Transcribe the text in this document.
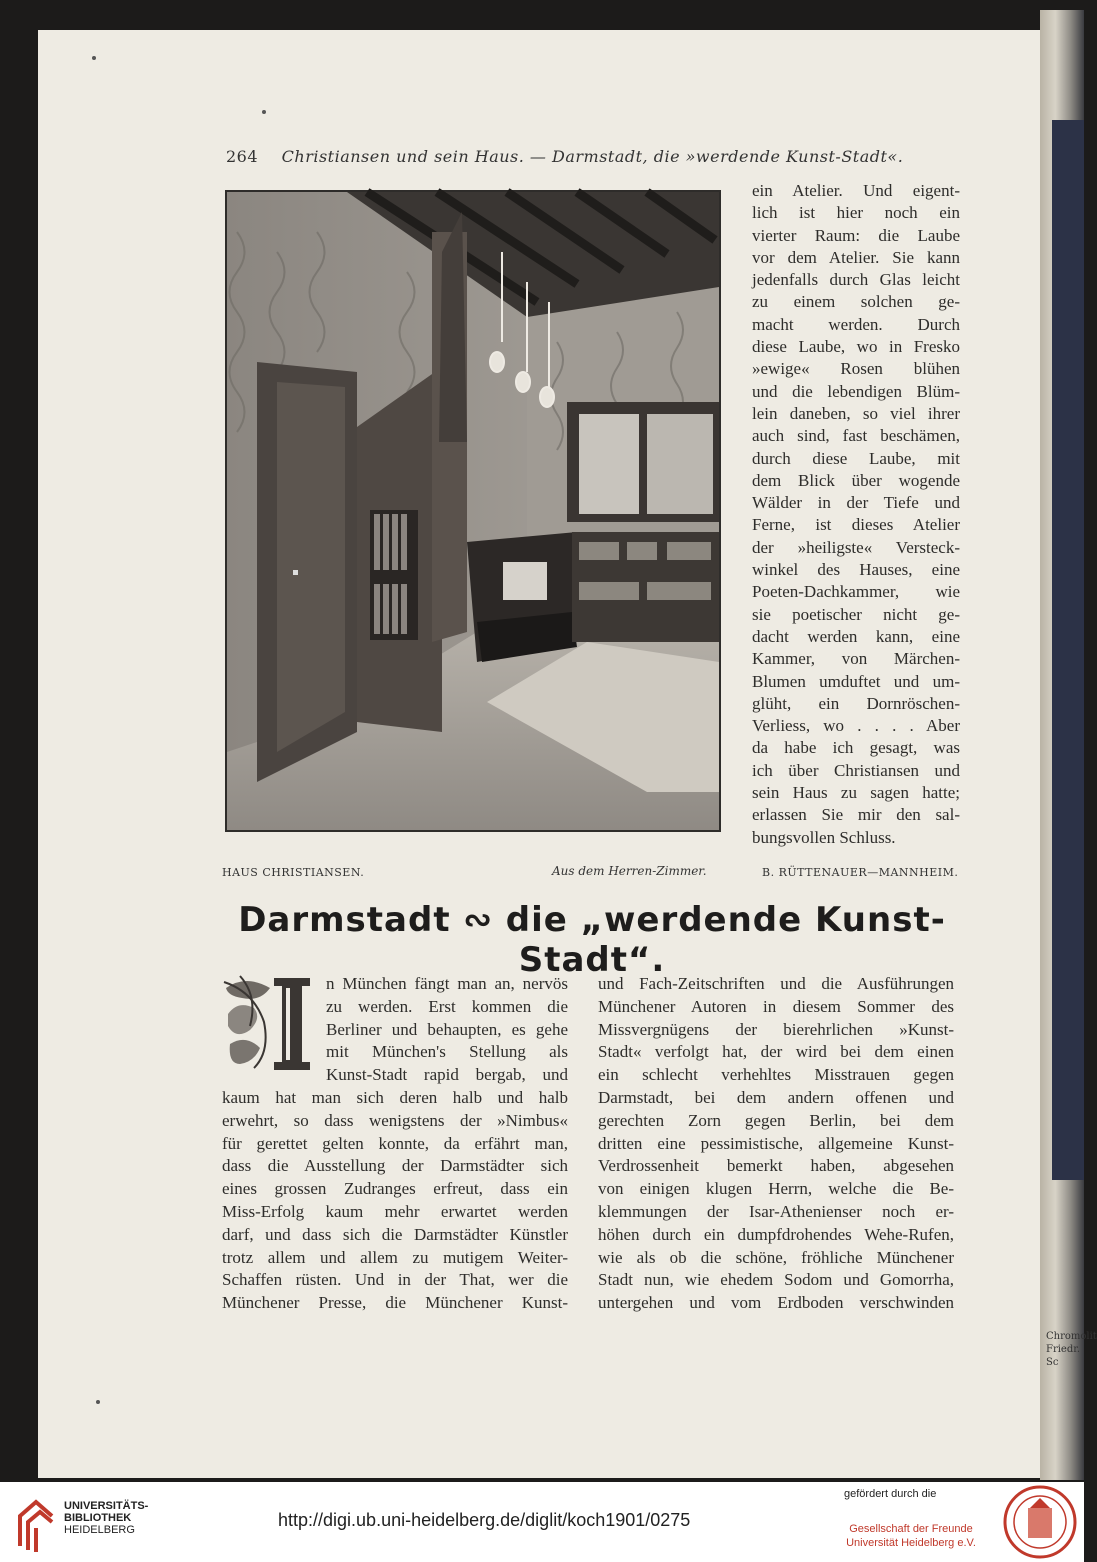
Chromolit
Friedr. Sc
264 Christiansen und sein Haus. — Darmstadt, die »werdende Kunst-Stadt«.
ein Atelier. Und eigent-
lich ist hier noch ein
vierter Raum: die Laube
vor dem Atelier. Sie kann
jedenfalls durch Glas leicht
zu einem solchen ge-
macht werden. Durch
diese Laube, wo in Fresko
»ewige« Rosen blühen
und die lebendigen Blüm-
lein daneben, so viel ihrer
auch sind, fast beschämen,
durch diese Laube, mit
dem Blick über wogende
Wälder in der Tiefe und
Ferne, ist dieses Atelier
der »heiligste« Versteck-
winkel des Hauses, eine
Poeten-Dachkammer, wie
sie poetischer nicht ge-
dacht werden kann, eine
Kammer, von Märchen-
Blumen umduftet und um-
glüht, ein Dornröschen-
Verliess, wo . . . . Aber
da habe ich gesagt, was
ich über Christiansen und
sein Haus zu sagen hatte;
erlassen Sie mir den sal-
bungsvollen Schluss.
HAUS CHRISTIANSEN.	Aus dem Herren-Zimmer.	B. RÜTTENAUER—MANNHEIM.
Darmstadt ∾ die „werdende Kunst-Stadt“.
n München fängt man an, nervös
zu werden. Erst kommen die
Berliner und behaupten, es gehe
mit München's Stellung als
Kunst-Stadt rapid bergab, und
kaum hat man sich deren halb und halb
erwehrt, so dass wenigstens der »Nimbus«
für gerettet gelten konnte, da erfährt man,
dass die Ausstellung der Darmstädter sich
eines grossen Zudranges erfreut, dass ein
Miss-Erfolg kaum mehr erwartet werden
darf, und dass sich die Darmstädter Künstler
trotz allem und allem zu mutigem Weiter-
Schaffen rüsten. Und in der That, wer die
Münchener Presse, die Münchener Kunst-
und Fach-Zeitschriften und die Ausführungen
Münchener Autoren in diesem Sommer des
Missvergnügens der bierehrlichen »Kunst-
Stadt« verfolgt hat, der wird bei dem einen
ein schlecht verhehltes Misstrauen gegen
Darmstadt, bei dem andern offenen und
gerechten Zorn gegen Berlin, bei dem
dritten eine pessimistische, allgemeine Kunst-
Verdrossenheit bemerkt haben, abgesehen
von einigen klugen Herrn, welche die Be-
klemmungen der Isar-Athenienser noch er-
höhen durch ein dumpfdrohendes Wehe-Rufen,
wie als ob die schöne, fröhliche Münchener
Stadt nun, wie ehedem Sodom und Gomorrha,
untergehen und vom Erdboden verschwinden
UNIVERSITÄTS-
BIBLIOTHEK
HEIDELBERG	http://digi.ub.uni-heidelberg.de/diglit/koch1901/0275
gefördert durch die
Gesellschaft der Freunde
Universität Heidelberg e.V.
